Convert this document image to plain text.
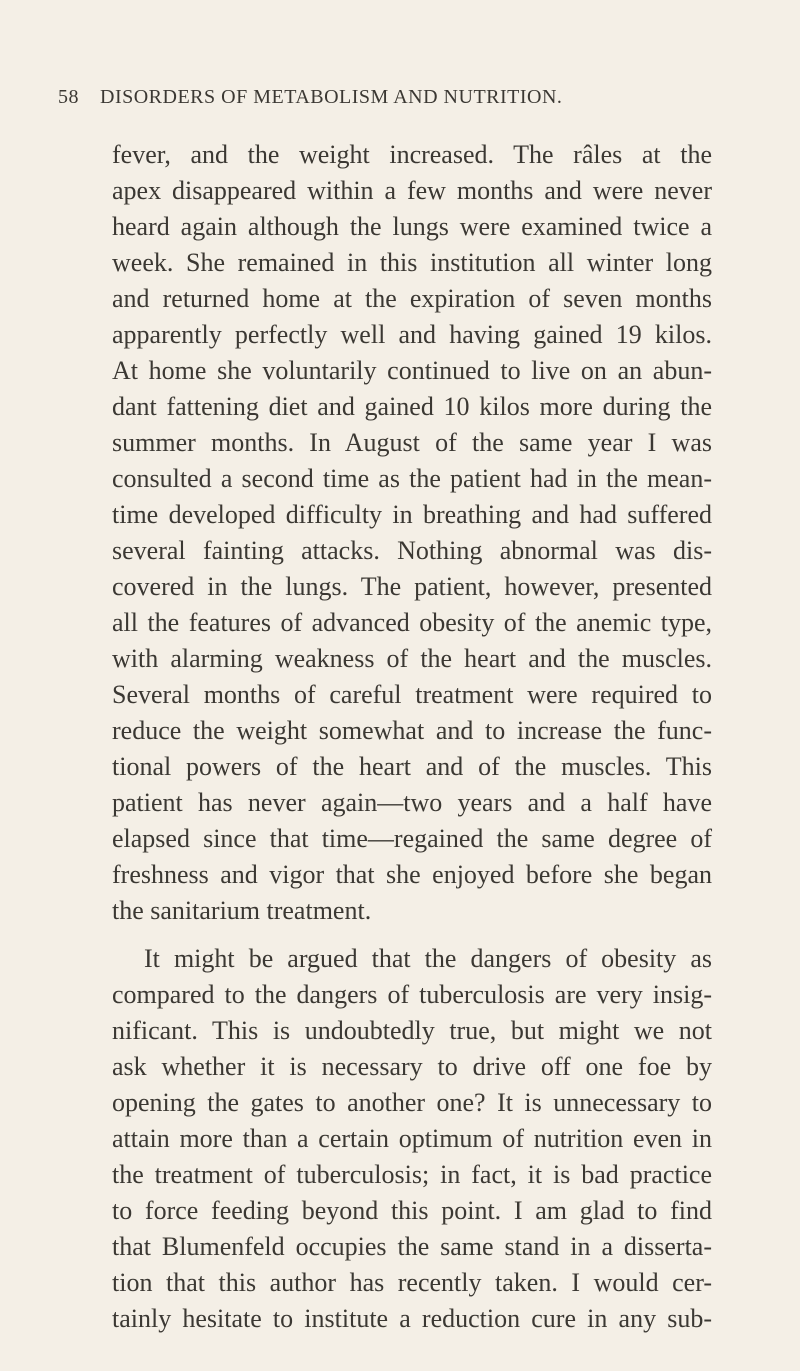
58 DISORDERS OF METABOLISM AND NUTRITION.
fever, and the weight increased. The râles at the
apex disappeared within a few months and were never
heard again although the lungs were examined twice a
week. She remained in this institution all winter long
and returned home at the expiration of seven months
apparently perfectly well and having gained 19 kilos.
At home she voluntarily continued to live on an abun-
dant fattening diet and gained 10 kilos more during the
summer months. In August of the same year I was
consulted a second time as the patient had in the mean-
time developed difficulty in breathing and had suffered
several fainting attacks. Nothing abnormal was dis-
covered in the lungs. The patient, however, presented
all the features of advanced obesity of the anemic type,
with alarming weakness of the heart and the muscles.
Several months of careful treatment were required to
reduce the weight somewhat and to increase the func-
tional powers of the heart and of the muscles. This
patient has never again—two years and a half have
elapsed since that time—regained the same degree of
freshness and vigor that she enjoyed before she began
the sanitarium treatment.
It might be argued that the dangers of obesity as
compared to the dangers of tuberculosis are very insig-
nificant. This is undoubtedly true, but might we not
ask whether it is necessary to drive off one foe by
opening the gates to another one? It is unnecessary to
attain more than a certain optimum of nutrition even in
the treatment of tuberculosis; in fact, it is bad practice
to force feeding beyond this point. I am glad to find
that Blumenfeld occupies the same stand in a disserta-
tion that this author has recently taken. I would cer-
tainly hesitate to institute a reduction cure in any sub-
